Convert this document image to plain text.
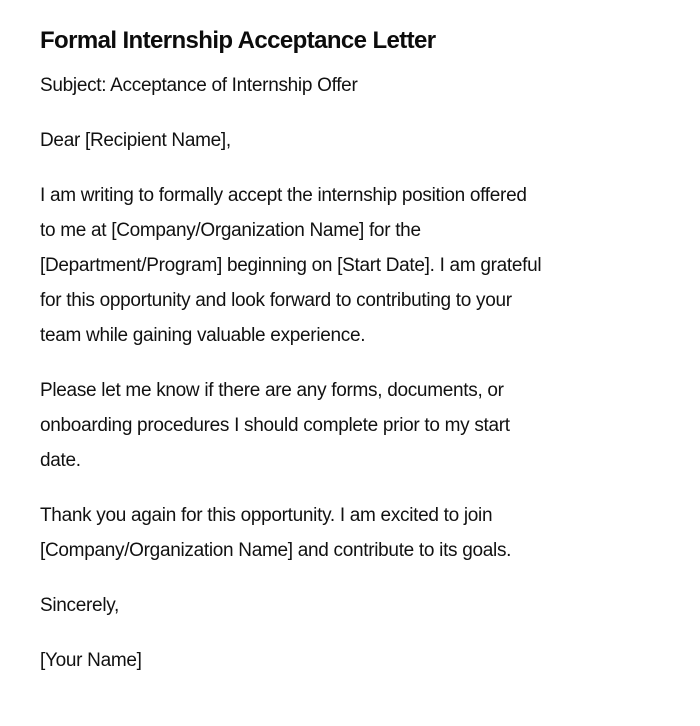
Formal Internship Acceptance Letter

Subject: Acceptance of Internship Offer

Dear [Recipient Name],

I am writing to formally accept the internship position offered
to me at [Company/Organization Name] for the
[Department/Program] beginning on [Start Date]. I am grateful
for this opportunity and look forward to contributing to your
team while gaining valuable experience.

Please let me know if there are any forms, documents, or
onboarding procedures I should complete prior to my start
date.

Thank you again for this opportunity. I am excited to join
[Company/Organization Name] and contribute to its goals.

Sincerely,

[Your Name]
